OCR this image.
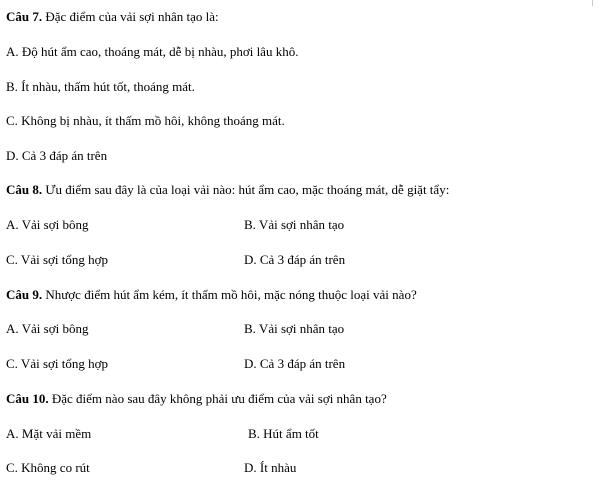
Câu 7. Đặc điểm của vải sợi nhân tạo là:
A. Độ hút ẩm cao, thoáng mát, dễ bị nhàu, phơi lâu khô.
B. Ít nhàu, thấm hút tốt, thoáng mát.
C. Không bị nhàu, ít thấm mồ hôi, không thoáng mát.
D. Cả 3 đáp án trên
Câu 8. Ưu điểm sau đây là của loại vải nào: hút ẩm cao, mặc thoáng mát, dễ giặt tẩy:
A. Vải sợi bông	B. Vải sợi nhân tạo
C. Vải sợi tổng hợp	D. Cả 3 đáp án trên
Câu 9. Nhược điểm hút ẩm kém, ít thấm mồ hôi, mặc nóng thuộc loại vải nào?
A. Vải sợi bông	B. Vải sợi nhân tạo
C. Vải sợi tổng hợp	D. Cả 3 đáp án trên
Câu 10. Đặc điểm nào sau đây không phải ưu điểm của vải sợi nhân tạo?
A. Mặt vải mềm	B. Hút ẩm tốt
C. Không co rút	D. Ít nhàu
